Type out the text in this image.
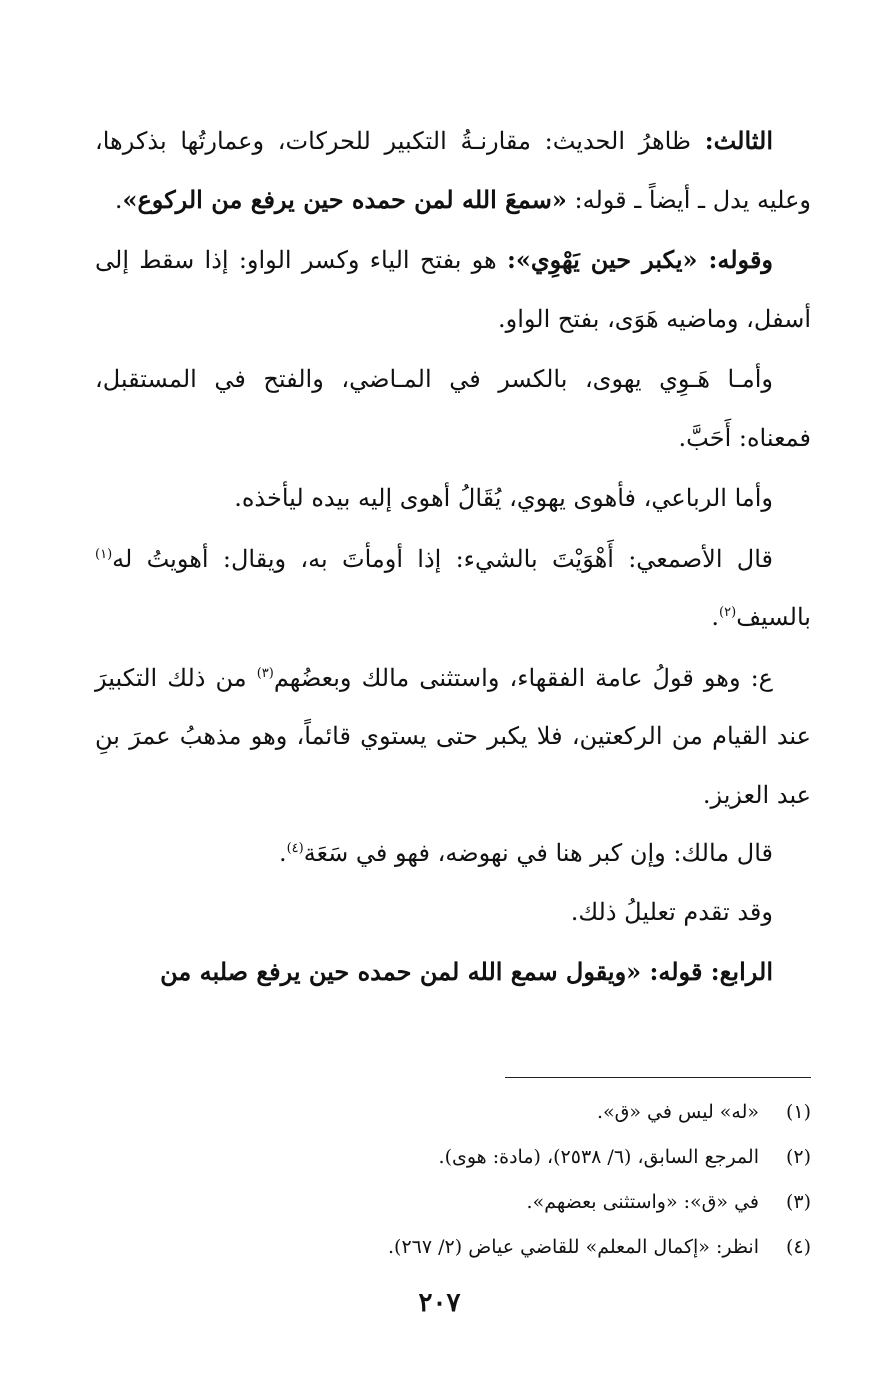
الثالث: ظاهرُ الحديث: مقارنـةُ التكبير للحركات، وعمارتُها بذكرها، وعليه يدل ـ أيضاً ـ قوله: «سمعَ الله لمن حمده حين يرفع من الركوع».

وقوله: «يكبر حين يَهْوِي»: هو بفتح الياء وكسر الواو: إذا سقط إلى أسفل، وماضيه هَوَى، بفتح الواو.

وأمـا هَـوِي يهوى، بالكسر في المـاضي، والفتح في المستقبل، فمعناه: أَحَبَّ.

وأما الرباعي، فأهوى يهوي، يُقَالُ أهوى إليه بيده ليأخذه.

قال الأصمعي: أَهْوَيْتَ بالشيء: إذا أومأتَ به، ويقال: أهويتُ له$^{(١)}$ بالسيف$^{(٢)}$.

ع: وهو قولُ عامة الفقهاء، واستثنى مالك وبعضُهم$^{(٣)}$ من ذلك التكبيرَ عند القيام من الركعتين، فلا يكبر حتى يستوي قائماً، وهو مذهبُ عمرَ بنِ عبد العزيز.

قال مالك: وإن كبر هنا في نهوضه، فهو في سَعَة$^{(٤)}$.

وقد تقدم تعليلُ ذلك.

الرابع: قوله: «ويقول سمع الله لمن حمده حين يرفع صلبه من

(١)
«له» ليس في «ق».

(٢)
المرجع السابق، (٦/ ٢٥٣٨)، (مادة: هوى).

(٣)
في «ق»: «واستثنى بعضهم».

(٤)
انظر: «إكمال المعلم» للقاضي عياض (٢/ ٢٦٧).

٢٠٧
